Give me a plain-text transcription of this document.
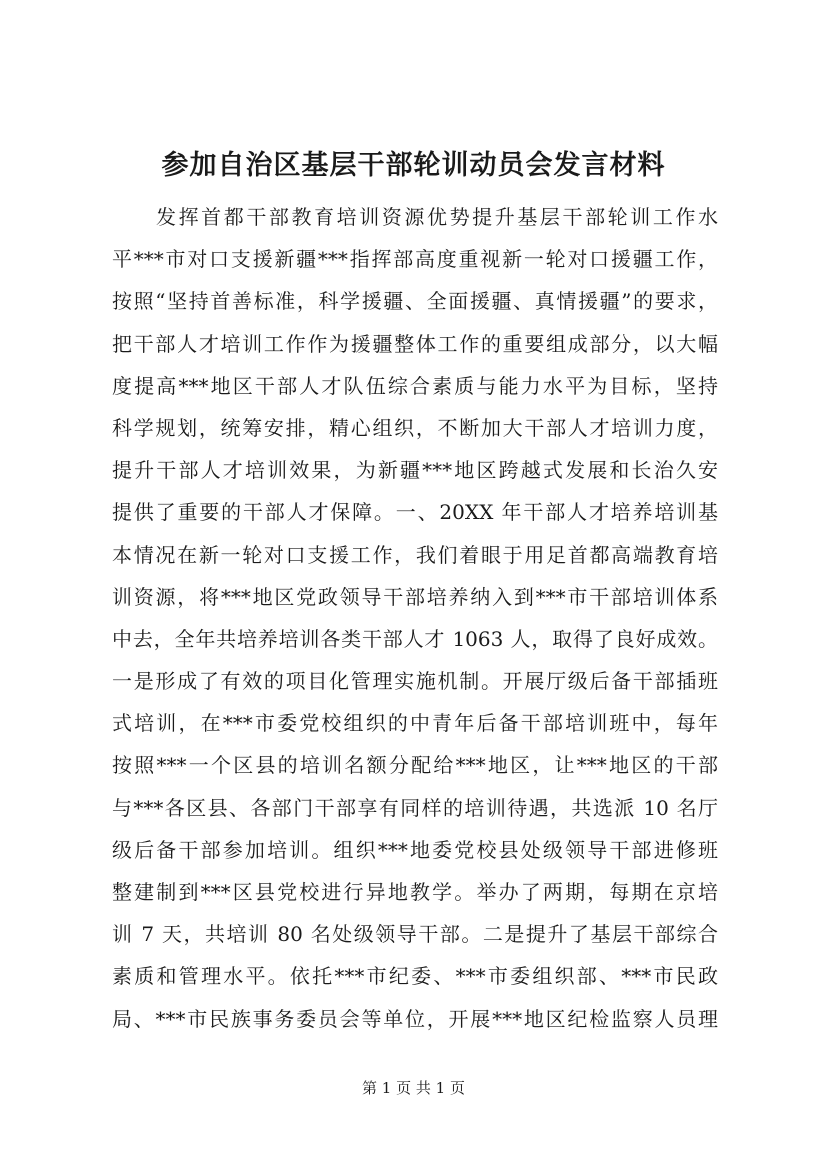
参加自治区基层干部轮训动员会发言材料
发挥首都干部教育培训资源优势提升基层干部轮训工作水
平***市对口支援新疆***指挥部高度重视新一轮对口援疆工作，
按照“坚持首善标准，科学援疆、全面援疆、真情援疆”的要求，
把干部人才培训工作作为援疆整体工作的重要组成部分，以大幅
度提高***地区干部人才队伍综合素质与能力水平为目标，坚持
科学规划，统筹安排，精心组织，不断加大干部人才培训力度，
提升干部人才培训效果，为新疆***地区跨越式发展和长治久安
提供了重要的干部人才保障。一、20XX 年干部人才培养培训基
本情况在新一轮对口支援工作，我们着眼于用足首都高端教育培
训资源，将***地区党政领导干部培养纳入到***市干部培训体系
中去，全年共培养培训各类干部人才 1063 人，取得了良好成效。
一是形成了有效的项目化管理实施机制。开展厅级后备干部插班
式培训，在***市委党校组织的中青年后备干部培训班中，每年
按照***一个区县的培训名额分配给***地区，让***地区的干部
与***各区县、各部门干部享有同样的培训待遇，共选派 10 名厅
级后备干部参加培训。组织***地委党校县处级领导干部进修班
整建制到***区县党校进行异地教学。举办了两期，每期在京培
训 7 天，共培训 80 名处级领导干部。二是提升了基层干部综合
素质和管理水平。依托***市纪委、***市委组织部、***市民政
局、***市民族事务委员会等单位，开展***地区纪检监察人员理
第 1 页 共 1 页
